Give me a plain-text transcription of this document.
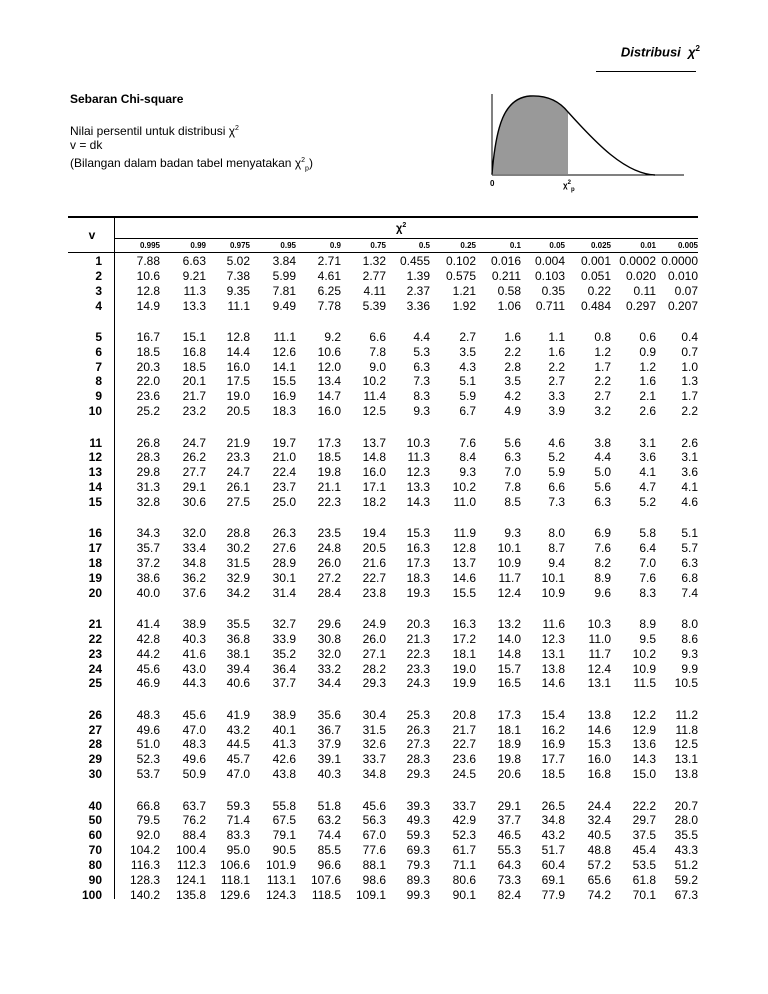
Distribusi $\chi^2$
Sebaran Chi-square
Nilai persentil untuk distribusi $\chi^2$
v = dk
(Bilangan dalam badan tabel menyatakan $\chi^2_p$)
0	$\chi^2_p$
v	$\chi^2$
0.995	0.99	0.975	0.95	0.9	0.75	0.5	0.25	0.1	0.05	0.025	0.01	0.005
1	7.88	6.63	5.02	3.84	2.71	1.32	0.455	0.102	0.016	0.004	0.001 0.0002 0.0000
2	10.6	9.21	7.38	5.99	4.61	2.77	1.39	0.575	0.211	0.103	0.051	0.020 0.010
3	12.8	11.3	9.35	7.81	6.25	4.11	2.37	1.21	0.58	0.35	0.22	0.11	0.07
4	14.9	13.3	11.1	9.49	7.78	5.39	3.36	1.92	1.06	0.711	0.484	0.297 0.207
5	16.7	15.1	12.8	11.1	9.2	6.6	4.4	2.7	1.6	1.1	0.8	0.6	0.4
6	18.5	16.8	14.4	12.6	10.6	7.8	5.3	3.5	2.2	1.6	1.2	0.9	0.7
7	20.3	18.5	16.0	14.1	12.0	9.0	6.3	4.3	2.8	2.2	1.7	1.2	1.0
8	22.0	20.1	17.5	15.5	13.4	10.2	7.3	5.1	3.5	2.7	2.2	1.6	1.3
9	23.6	21.7	19.0	16.9	14.7	11.4	8.3	5.9	4.2	3.3	2.7	2.1	1.7
10	25.2	23.2	20.5	18.3	16.0	12.5	9.3	6.7	4.9	3.9	3.2	2.6	2.2
11	26.8	24.7	21.9	19.7	17.3	13.7	10.3	7.6	5.6	4.6	3.8	3.1	2.6
12	28.3	26.2	23.3	21.0	18.5	14.8	11.3	8.4	6.3	5.2	4.4	3.6	3.1
13	29.8	27.7	24.7	22.4	19.8	16.0	12.3	9.3	7.0	5.9	5.0	4.1	3.6
14	31.3	29.1	26.1	23.7	21.1	17.1	13.3	10.2	7.8	6.6	5.6	4.7	4.1
15	32.8	30.6	27.5	25.0	22.3	18.2	14.3	11.0	8.5	7.3	6.3	5.2	4.6
16	34.3	32.0	28.8	26.3	23.5	19.4	15.3	11.9	9.3	8.0	6.9	5.8	5.1
17	35.7	33.4	30.2	27.6	24.8	20.5	16.3	12.8	10.1	8.7	7.6	6.4	5.7
18	37.2	34.8	31.5	28.9	26.0	21.6	17.3	13.7	10.9	9.4	8.2	7.0	6.3
19	38.6	36.2	32.9	30.1	27.2	22.7	18.3	14.6	11.7	10.1	8.9	7.6	6.8
20	40.0	37.6	34.2	31.4	28.4	23.8	19.3	15.5	12.4	10.9	9.6	8.3	7.4
21	41.4	38.9	35.5	32.7	29.6	24.9	20.3	16.3	13.2	11.6	10.3	8.9	8.0
22	42.8	40.3	36.8	33.9	30.8	26.0	21.3	17.2	14.0	12.3	11.0	9.5	8.6
23	44.2	41.6	38.1	35.2	32.0	27.1	22.3	18.1	14.8	13.1	11.7	10.2	9.3
24	45.6	43.0	39.4	36.4	33.2	28.2	23.3	19.0	15.7	13.8	12.4	10.9	9.9
25	46.9	44.3	40.6	37.7	34.4	29.3	24.3	19.9	16.5	14.6	13.1	11.5	10.5
26	48.3	45.6	41.9	38.9	35.6	30.4	25.3	20.8	17.3	15.4	13.8	12.2	11.2
27	49.6	47.0	43.2	40.1	36.7	31.5	26.3	21.7	18.1	16.2	14.6	12.9	11.8
28	51.0	48.3	44.5	41.3	37.9	32.6	27.3	22.7	18.9	16.9	15.3	13.6	12.5
29	52.3	49.6	45.7	42.6	39.1	33.7	28.3	23.6	19.8	17.7	16.0	14.3	13.1
30	53.7	50.9	47.0	43.8	40.3	34.8	29.3	24.5	20.6	18.5	16.8	15.0	13.8
40	66.8	63.7	59.3	55.8	51.8	45.6	39.3	33.7	29.1	26.5	24.4	22.2	20.7
50	79.5	76.2	71.4	67.5	63.2	56.3	49.3	42.9	37.7	34.8	32.4	29.7	28.0
60	92.0	88.4	83.3	79.1	74.4	67.0	59.3	52.3	46.5	43.2	40.5	37.5	35.5
70	104.2	100.4	95.0	90.5	85.5	77.6	69.3	61.7	55.3	51.7	48.8	45.4	43.3
80	116.3	112.3	106.6	101.9	96.6	88.1	79.3	71.1	64.3	60.4	57.2	53.5	51.2
90	128.3	124.1	118.1	113.1	107.6	98.6	89.3	80.6	73.3	69.1	65.6	61.8	59.2
100	140.2	135.8	129.6	124.3	118.5	109.1	99.3	90.1	82.4	77.9	74.2	70.1	67.3
